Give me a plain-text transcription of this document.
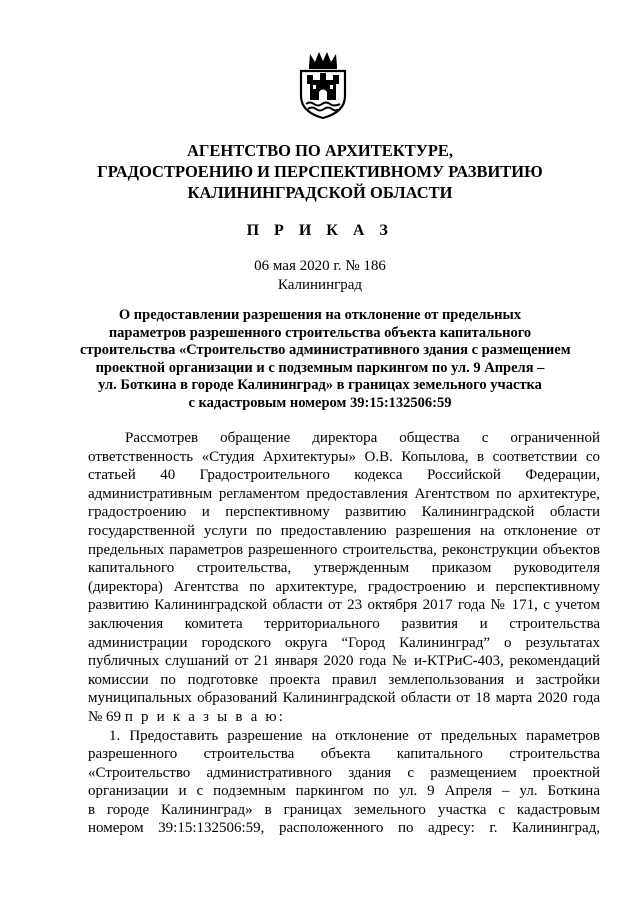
АГЕНТСТВО ПО АРХИТЕКТУРЕ,
ГРАДОСТРОЕНИЮ И ПЕРСПЕКТИВНОМУ РАЗВИТИЮ
КАЛИНИНГРАДСКОЙ ОБЛАСТИ
П Р И К А З
06 мая 2020 г. № 186
Калининград
О предоставлении разрешения на отклонение от предельных
параметров разрешенного строительства объекта капитального
строительства «Строительство административного здания с размещением
проектной организации и с подземным паркингом по ул. 9 Апреля –
ул. Боткина в городе Калининград» в границах земельного участка
с кадастровым номером 39:15:132506:59
Рассмотрев обращение директора общества с ограниченной
ответственность «Студия Архитектуры» О.В. Копылова, в соответствии со
статьей 40 Градостроительного кодекса Российской Федерации,
административным регламентом предоставления Агентством по архитектуре,
градостроению и перспективному развитию Калининградской области
государственной услуги по предоставлению разрешения на отклонение от
предельных параметров разрешенного строительства, реконструкции объектов
капитального строительства, утвержденным приказом руководителя
(директора) Агентства по архитектуре, градостроению и перспективному
развитию Калининградской области от 23 октября 2017 года № 171, с учетом
заключения комитета территориального развития и строительства
администрации городского округа “Город Калининград” о результатах
публичных слушаний от 21 января 2020 года № и-КТРиС-403, рекомендаций
комиссии по подготовке проекта правил землепользования и застройки
муниципальных образований Калининградской области от 18 марта 2020 года
№ 69 п р и к а з ы в а ю:
1. Предоставить разрешение на отклонение от предельных параметров
разрешенного строительства объекта капитального строительства
«Строительство административного здания с размещением проектной
организации и с подземным паркингом по ул. 9 Апреля – ул. Боткина
в городе Калининград» в границах земельного участка с кадастровым
номером 39:15:132506:59, расположенного по адресу: г. Калининград,
